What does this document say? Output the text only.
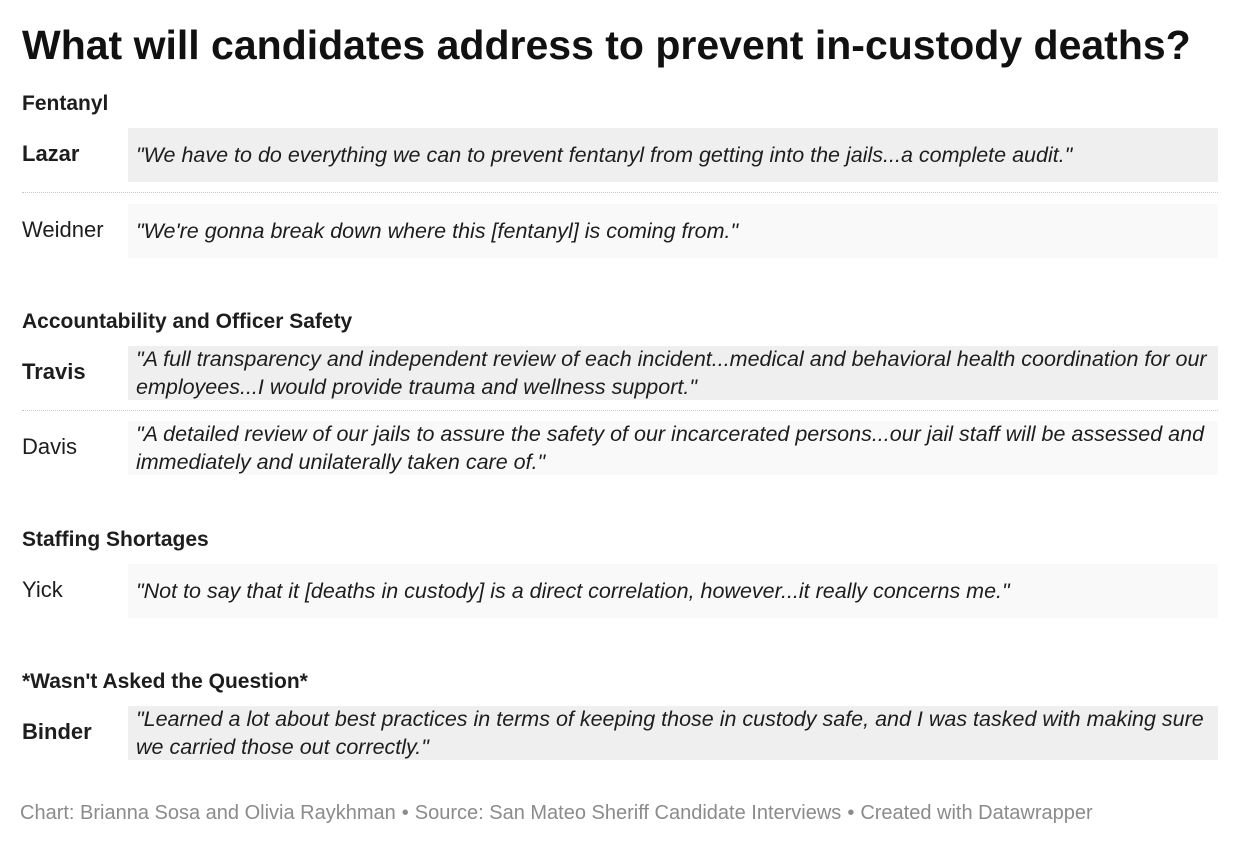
What will candidates address to prevent in-custody deaths?
Fentanyl
Lazar	"We have to do everything we can to prevent fentanyl from getting into the jails...a complete audit."
Weidner "We're gonna break down where this [fentanyl] is coming from."
Accountability and Officer Safety
Travis "A full transparency and independent review of each incident...medical and behavioral health coordination for our employees...I would provide trauma and wellness support."
Davis	"A detailed review of our jails to assure the safety of our incarcerated persons...our jail staff will be assessed and immediately and unilaterally taken care of."
Staffing Shortages
Yick	"Not to say that it [deaths in custody] is a direct correlation, however...it really concerns me."
*Wasn't Asked the Question*
Binder "Learned a lot about best practices in terms of keeping those in custody safe, and I was tasked with making sure we carried those out correctly."
Chart: Brianna Sosa and Olivia Raykhman • Source: San Mateo Sheriff Candidate Interviews • Created with Datawrapper
